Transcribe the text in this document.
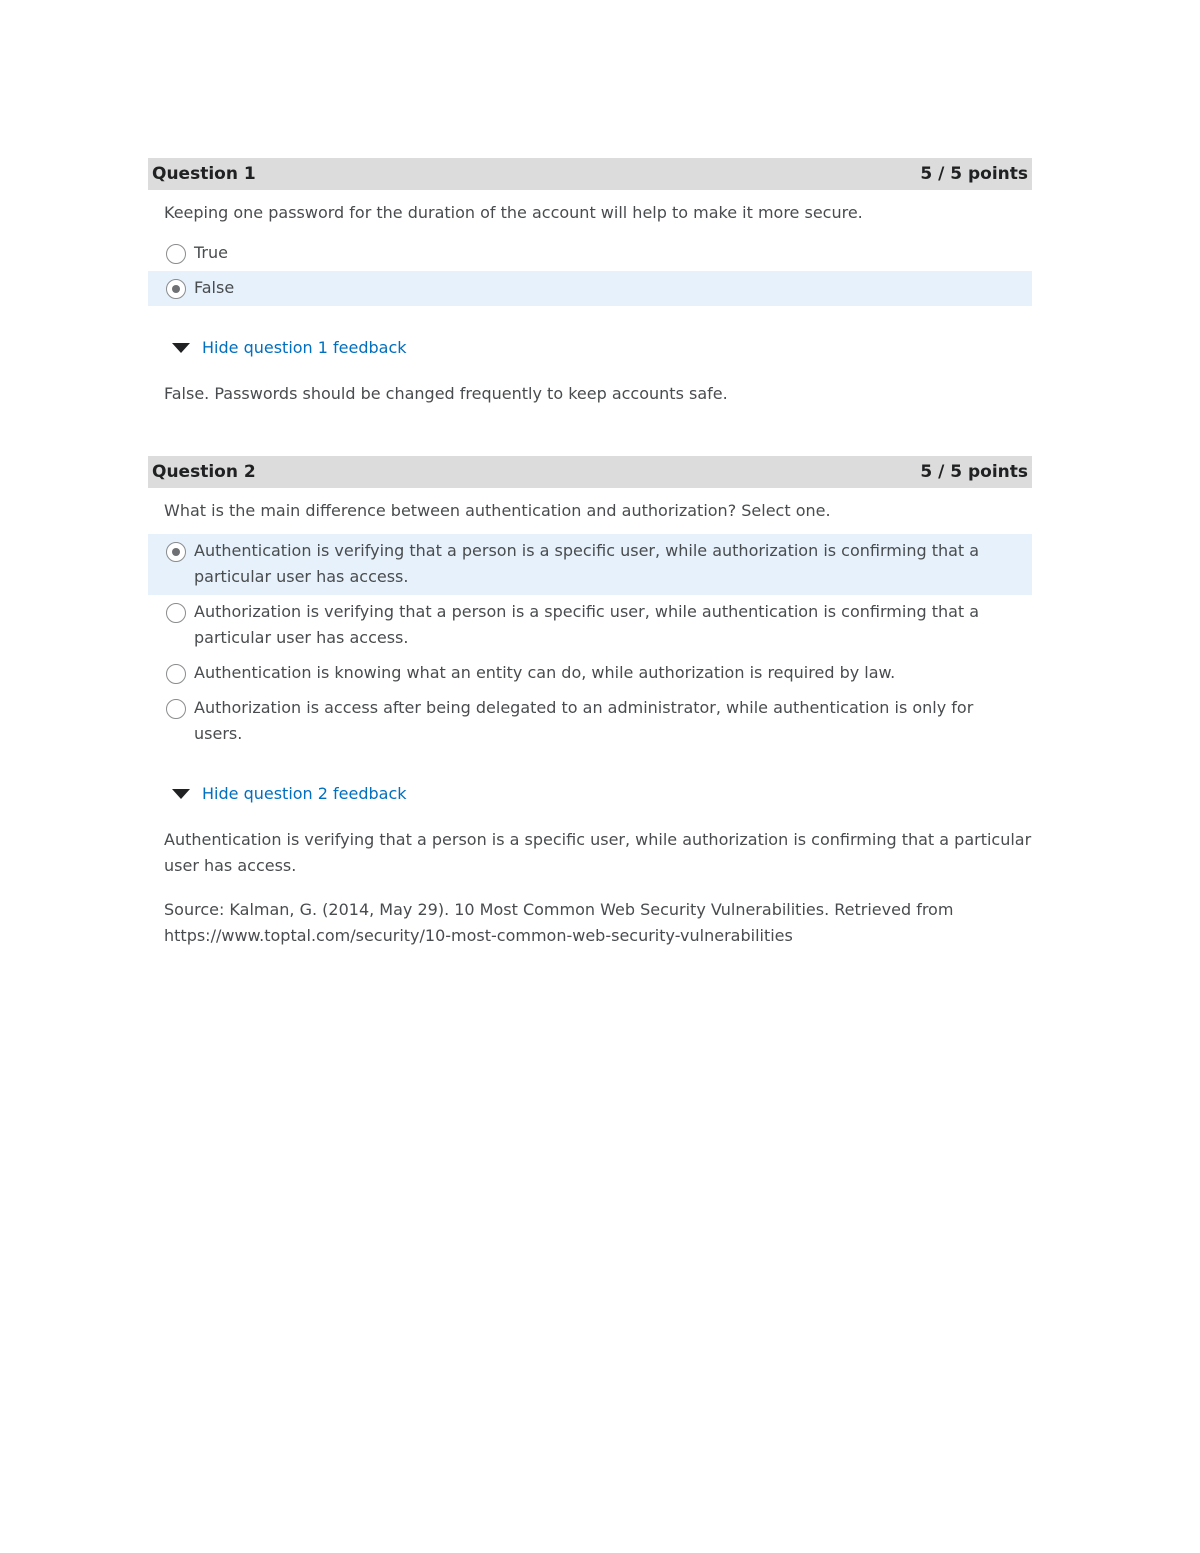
Question 1	5 / 5 points
Keeping one password for the duration of the account will help to make it more secure.
True
False
Hide question 1 feedback

False. Passwords should be changed frequently to keep accounts safe.

Question 2	5 / 5 points
What is the main difference between authentication and authorization? Select one.
Authentication is verifying that a person is a specific user, while authorization is confirming that a particular user has access.
Authorization is verifying that a person is a specific user, while authentication is confirming that a particular user has access.
Authentication is knowing what an entity can do, while authorization is required by law.
Authorization is access after being delegated to an administrator, while authentication is only for users.
Hide question 2 feedback

Authentication is verifying that a person is a specific user, while authorization is confirming that a particular user has access.

Source: Kalman, G. (2014, May 29). 10 Most Common Web Security Vulnerabilities. Retrieved from https://www.toptal.com/security/10-most-common-web-security-vulnerabilities
